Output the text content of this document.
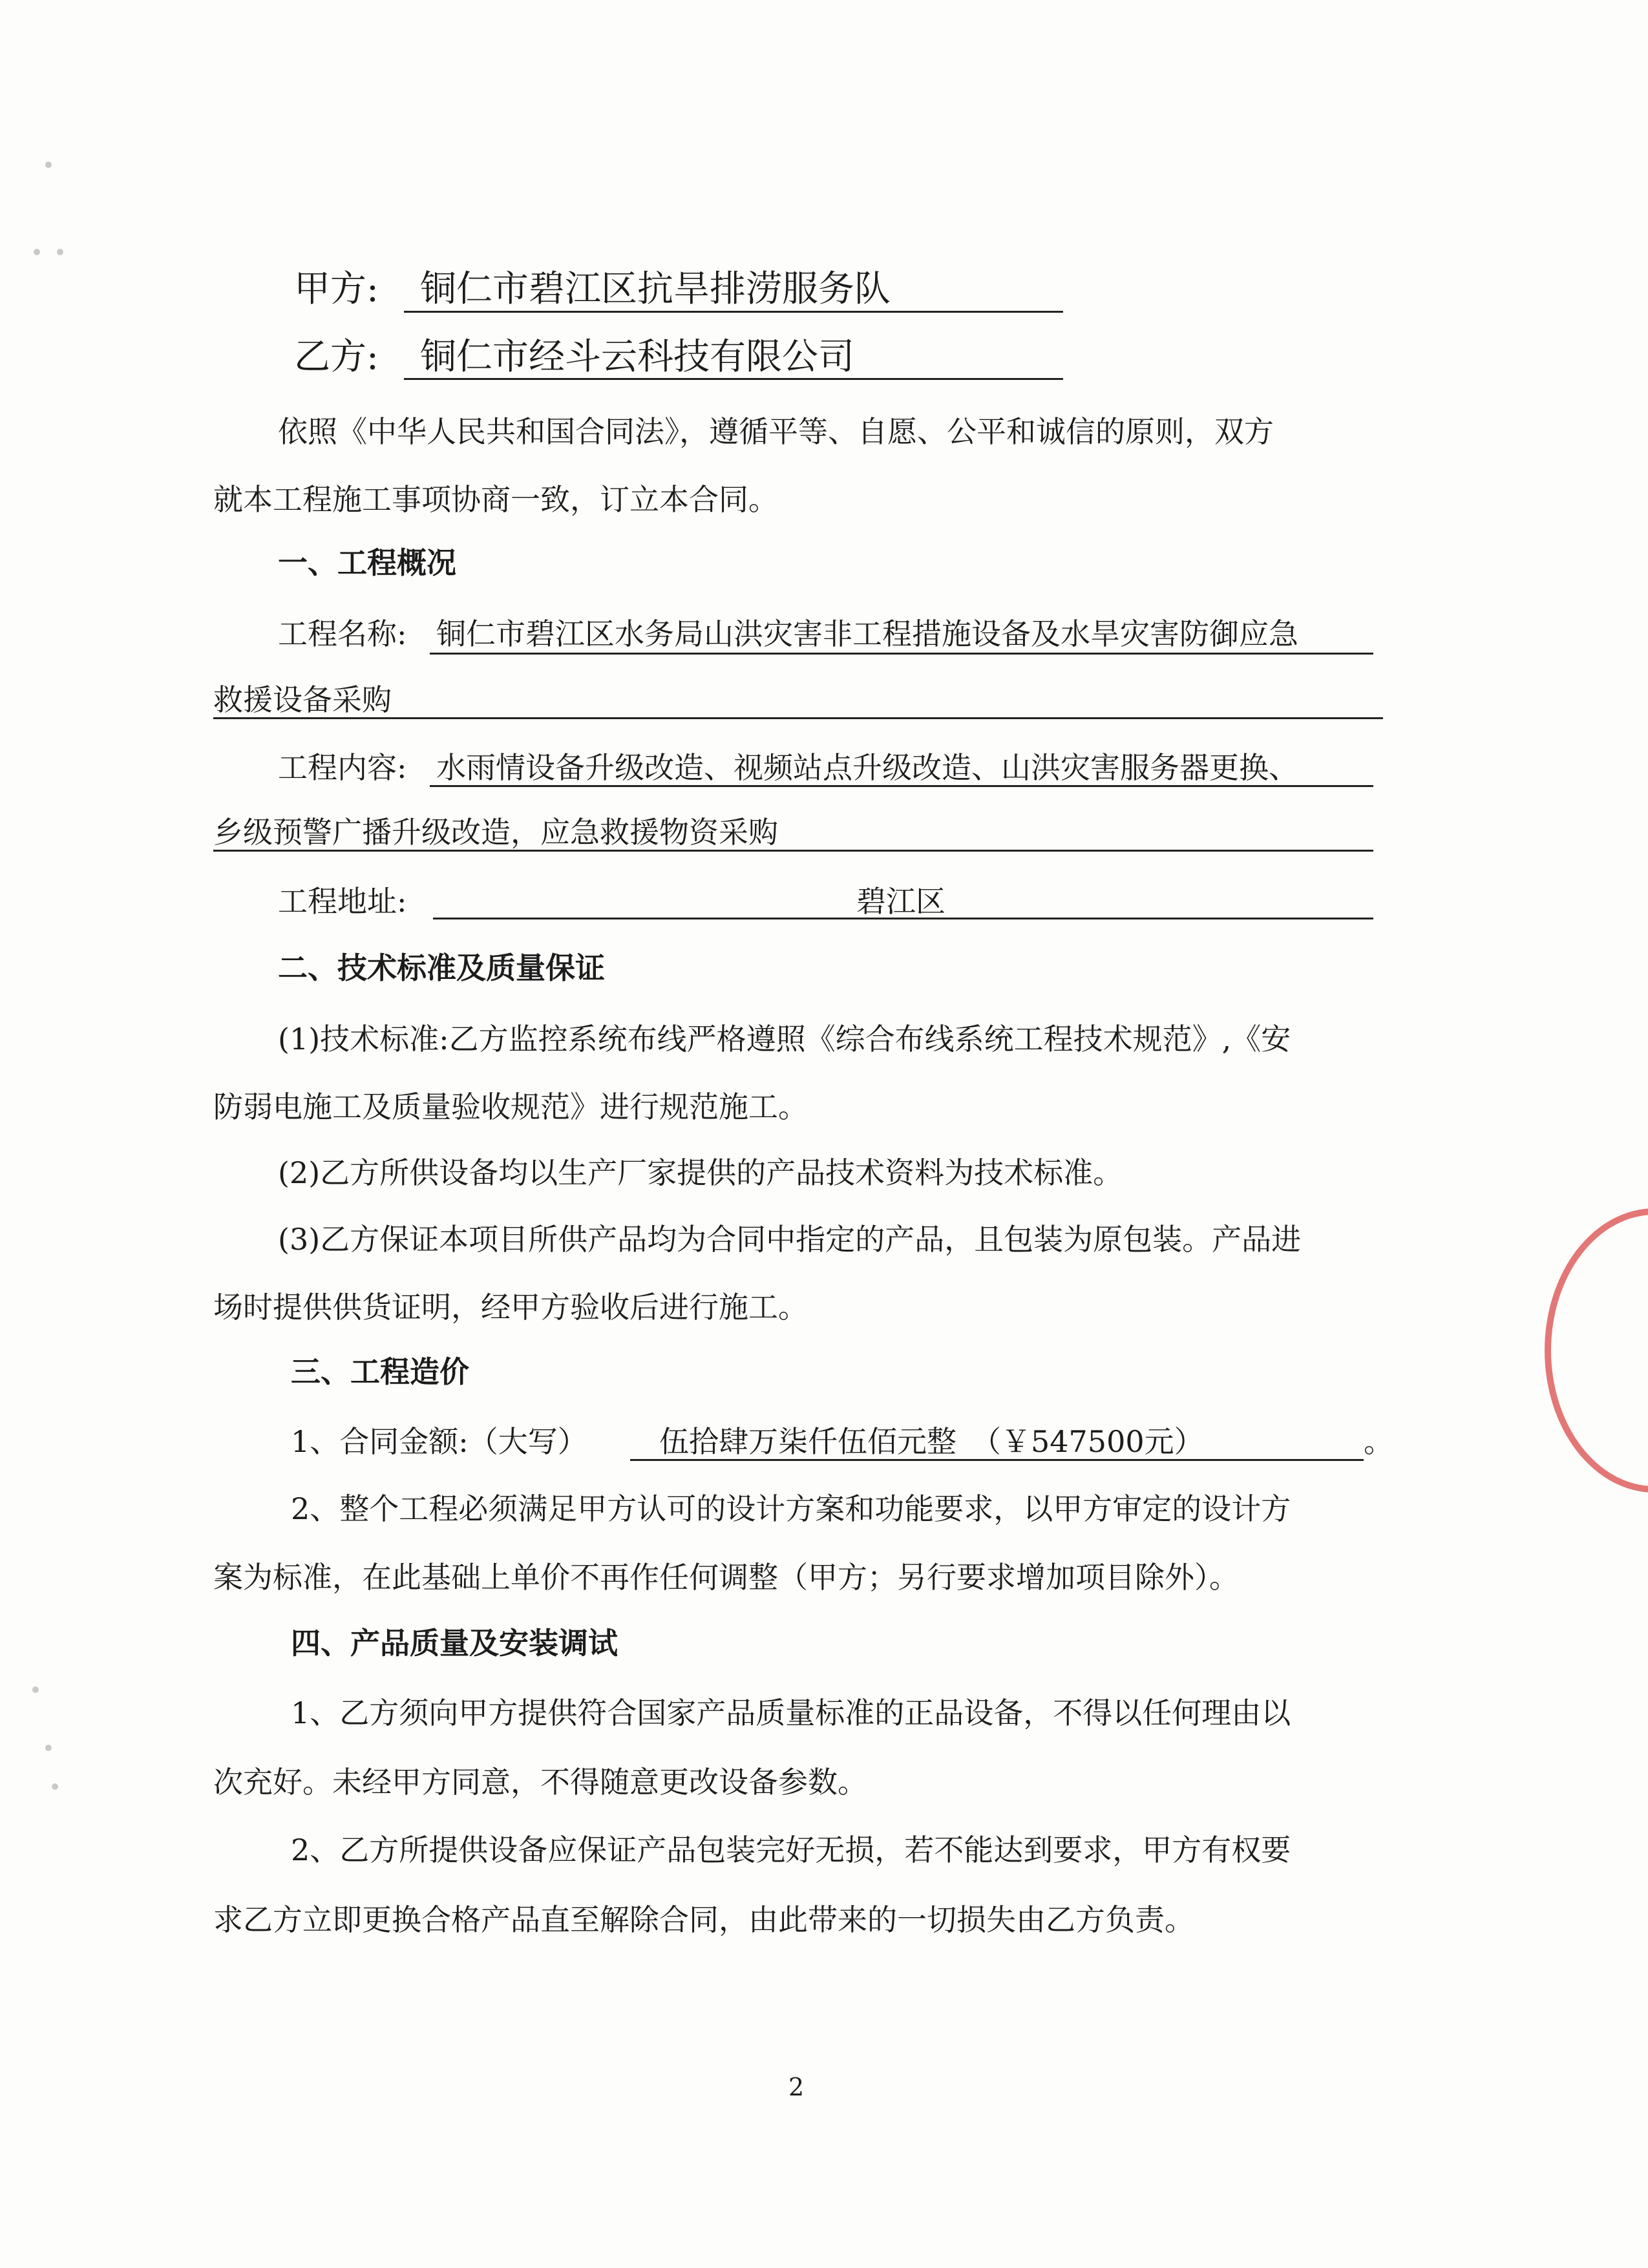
甲方: 铜仁市碧江区抗旱排涝服务队
乙方: 铜仁市经斗云科技有限公司
依照《中华人民共和国合同法》，遵循平等、自愿、公平和诚信的原则，双方
就本工程施工事项协商一致，订立本合同。
一、工程概况
工程名称: 铜仁市碧江区水务局山洪灾害非工程措施设备及水旱灾害防御应急
救援设备采购
工程内容: 水雨情设备升级改造、视频站点升级改造、山洪灾害服务器更换、
乡级预警广播升级改造，应急救援物资采购
工程地址:	碧江区
二、技术标准及质量保证
(1)技术标准:乙方监控系统布线严格遵照《综合布线系统工程技术规范》,《安
防弱电施工及质量验收规范》进行规范施工。
(2)乙方所供设备均以生产厂家提供的产品技术资料为技术标准。
(3)乙方保证本项目所供产品均为合同中指定的产品，且包装为原包装。产品进
场时提供供货证明，经甲方验收后进行施工。
三、工程造价
1、合同金额:（大写） 伍拾肆万柒仟伍佰元整　（￥547500元）	。
2、整个工程必须满足甲方认可的设计方案和功能要求，以甲方审定的设计方
案为标准，在此基础上单价不再作任何调整（甲方；另行要求增加项目除外）。
四、产品质量及安装调试
1、乙方须向甲方提供符合国家产品质量标准的正品设备，不得以任何理由以
次充好。未经甲方同意，不得随意更改设备参数。
2、乙方所提供设备应保证产品包装完好无损，若不能达到要求，甲方有权要
求乙方立即更换合格产品直至解除合同，由此带来的一切损失由乙方负责。
2
